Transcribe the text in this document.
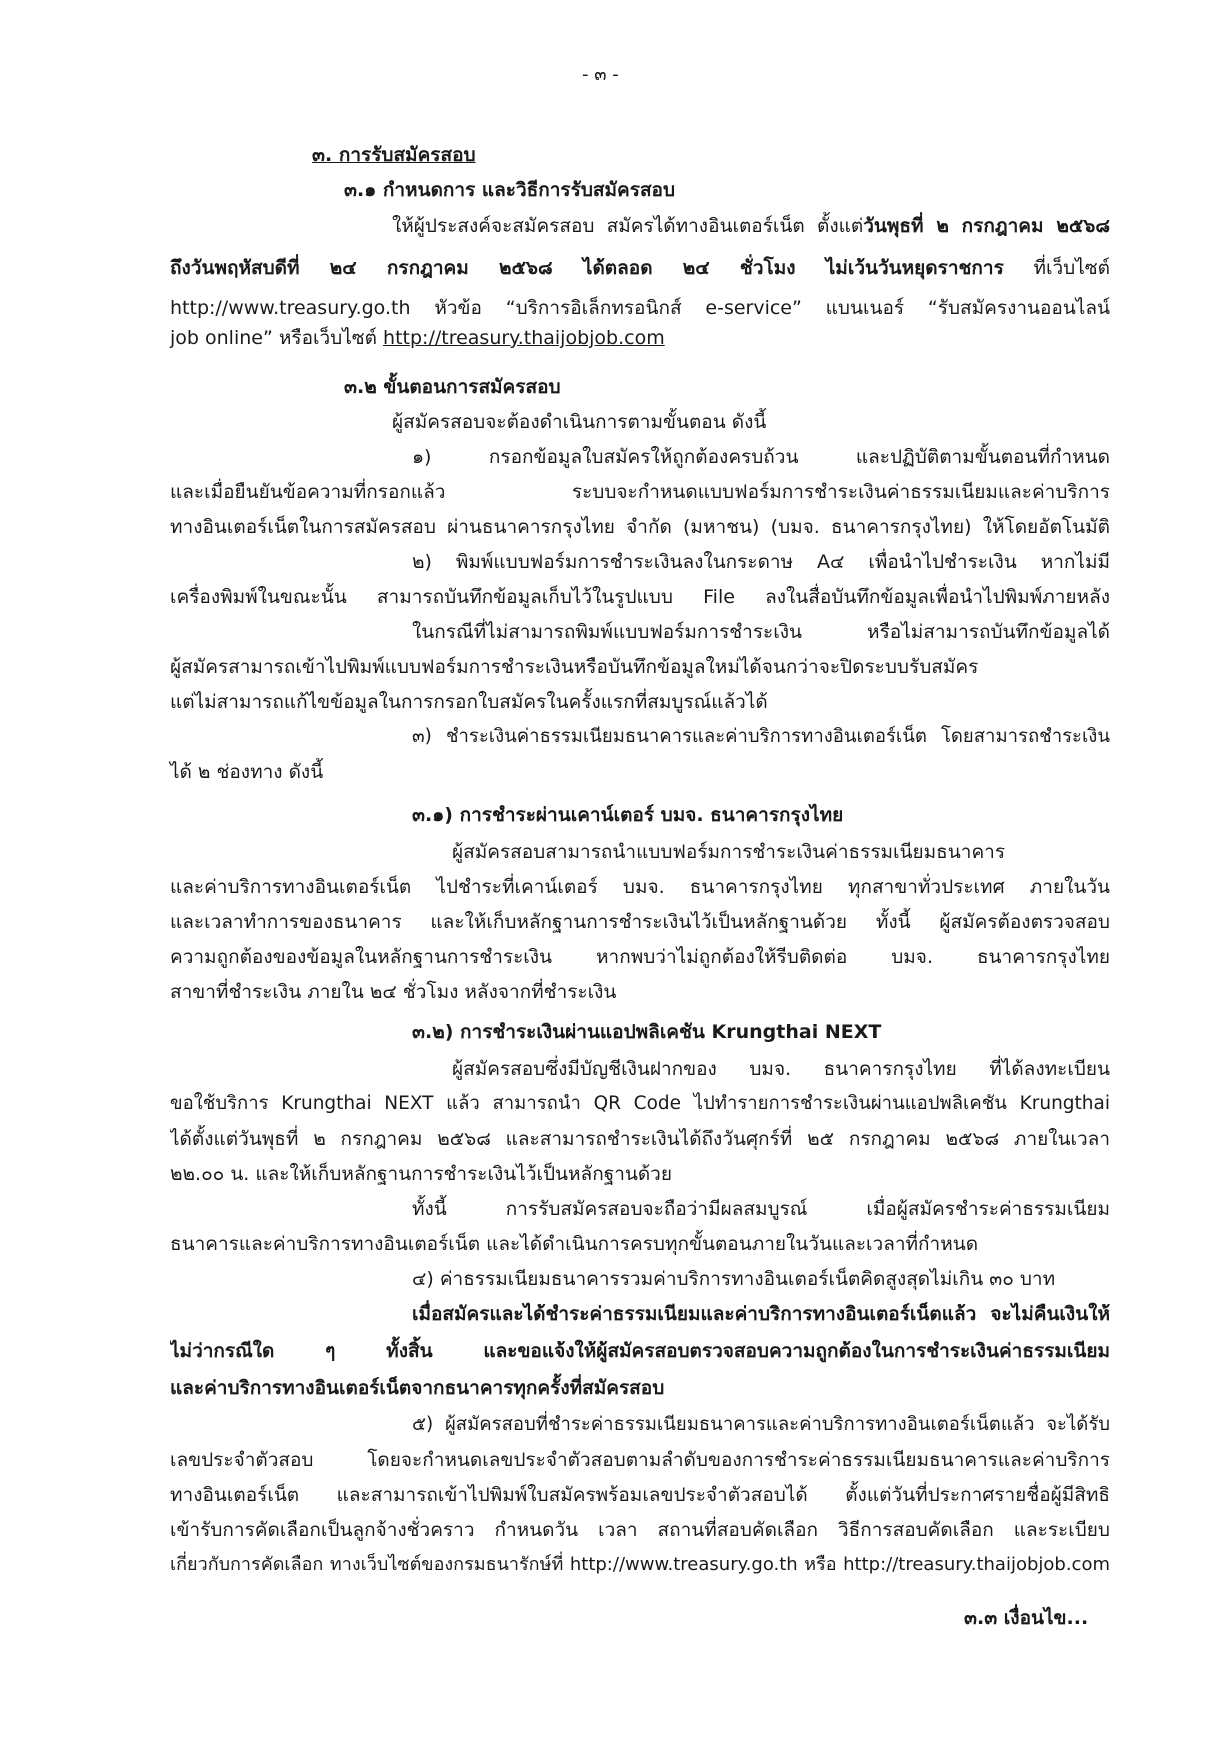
- ๓ -
๓. การรับสมัครสอบ
๓.๑ กำหนดการ และวิธีการรับสมัครสอบ
ให้ผู้ประสงค์จะสมัครสอบ สมัครได้ทางอินเตอร์เน็ต ตั้งแต่วันพุธที่ ๒ กรกฎาคม ๒๕๖๘
ถึงวันพฤหัสบดีที่ ๒๔ กรกฎาคม ๒๕๖๘ ได้ตลอด ๒๔ ชั่วโมง ไม่เว้นวันหยุดราชการ ที่เว็บไซต์
http://www.treasury.go.th หัวข้อ “บริการอิเล็กทรอนิกส์ e-service” แบนเนอร์ “รับสมัครงานออนไลน์
job online” หรือเว็บไซต์ http://treasury.thaijobjob.com
๓.๒ ขั้นตอนการสมัครสอบ
ผู้สมัครสอบจะต้องดำเนินการตามขั้นตอน ดังนี้
๑) กรอกข้อมูลใบสมัครให้ถูกต้องครบถ้วน และปฏิบัติตามขั้นตอนที่กำหนด
และเมื่อยืนยันข้อความที่กรอกแล้ว ระบบจะกำหนดแบบฟอร์มการชำระเงินค่าธรรมเนียมและค่าบริการ
ทางอินเตอร์เน็ตในการสมัครสอบ ผ่านธนาคารกรุงไทย จำกัด (มหาชน) (บมจ. ธนาคารกรุงไทย) ให้โดยอัตโนมัติ
๒) พิมพ์แบบฟอร์มการชำระเงินลงในกระดาษ A๔ เพื่อนำไปชำระเงิน หากไม่มี
เครื่องพิมพ์ในขณะนั้น สามารถบันทึกข้อมูลเก็บไว้ในรูปแบบ File ลงในสื่อบันทึกข้อมูลเพื่อนำไปพิมพ์ภายหลัง
ในกรณีที่ไม่สามารถพิมพ์แบบฟอร์มการชำระเงิน หรือไม่สามารถบันทึกข้อมูลได้
ผู้สมัครสามารถเข้าไปพิมพ์แบบฟอร์มการชำระเงินหรือบันทึกข้อมูลใหม่ได้จนกว่าจะปิดระบบรับสมัคร
แต่ไม่สามารถแก้ไขข้อมูลในการกรอกใบสมัครในครั้งแรกที่สมบูรณ์แล้วได้
๓) ชำระเงินค่าธรรมเนียมธนาคารและค่าบริการทางอินเตอร์เน็ต โดยสามารถชำระเงิน
ได้ ๒ ช่องทาง ดังนี้
๓.๑) การชำระผ่านเคาน์เตอร์ บมจ. ธนาคารกรุงไทย
ผู้สมัครสอบสามารถนำแบบฟอร์มการชำระเงินค่าธรรมเนียมธนาคาร
และค่าบริการทางอินเตอร์เน็ต ไปชำระที่เคาน์เตอร์ บมจ. ธนาคารกรุงไทย ทุกสาขาทั่วประเทศ ภายในวัน
และเวลาทำการของธนาคาร และให้เก็บหลักฐานการชำระเงินไว้เป็นหลักฐานด้วย ทั้งนี้ ผู้สมัครต้องตรวจสอบ
ความถูกต้องของข้อมูลในหลักฐานการชำระเงิน หากพบว่าไม่ถูกต้องให้รีบติดต่อ บมจ. ธนาคารกรุงไทย
สาขาที่ชำระเงิน ภายใน ๒๔ ชั่วโมง หลังจากที่ชำระเงิน
๓.๒) การชำระเงินผ่านแอปพลิเคชัน Krungthai NEXT
ผู้สมัครสอบซึ่งมีบัญชีเงินฝากของ บมจ. ธนาคารกรุงไทย ที่ได้ลงทะเบียน
ขอใช้บริการ Krungthai NEXT แล้ว สามารถนำ QR Code ไปทำรายการชำระเงินผ่านแอปพลิเคชัน Krungthai
ได้ตั้งแต่วันพุธที่ ๒ กรกฎาคม ๒๕๖๘ และสามารถชำระเงินได้ถึงวันศุกร์ที่ ๒๕ กรกฎาคม ๒๕๖๘ ภายในเวลา
๒๒.๐๐ น. และให้เก็บหลักฐานการชำระเงินไว้เป็นหลักฐานด้วย
ทั้งนี้ การรับสมัครสอบจะถือว่ามีผลสมบูรณ์ เมื่อผู้สมัครชำระค่าธรรมเนียม
ธนาคารและค่าบริการทางอินเตอร์เน็ต และได้ดำเนินการครบทุกขั้นตอนภายในวันและเวลาที่กำหนด
๔) ค่าธรรมเนียมธนาคารรวมค่าบริการทางอินเตอร์เน็ตคิดสูงสุดไม่เกิน ๓๐ บาท
เมื่อสมัครและได้ชำระค่าธรรมเนียมและค่าบริการทางอินเตอร์เน็ตแล้ว จะไม่คืนเงินให้
ไม่ว่ากรณีใด ๆ ทั้งสิ้น และขอแจ้งให้ผู้สมัครสอบตรวจสอบความถูกต้องในการชำระเงินค่าธรรมเนียม
และค่าบริการทางอินเตอร์เน็ตจากธนาคารทุกครั้งที่สมัครสอบ
๕) ผู้สมัครสอบที่ชำระค่าธรรมเนียมธนาคารและค่าบริการทางอินเตอร์เน็ตแล้ว จะได้รับ
เลขประจำตัวสอบ โดยจะกำหนดเลขประจำตัวสอบตามลำดับของการชำระค่าธรรมเนียมธนาคารและค่าบริการ
ทางอินเตอร์เน็ต และสามารถเข้าไปพิมพ์ใบสมัครพร้อมเลขประจำตัวสอบได้ ตั้งแต่วันที่ประกาศรายชื่อผู้มีสิทธิ
เข้ารับการคัดเลือกเป็นลูกจ้างชั่วคราว กำหนดวัน เวลา สถานที่สอบคัดเลือก วิธีการสอบคัดเลือก และระเบียบ
เกี่ยวกับการคัดเลือก ทางเว็บไซต์ของกรมธนารักษ์ที่ http://www.treasury.go.th หรือ http://treasury.thaijobjob.com
๓.๓ เงื่อนไข...
